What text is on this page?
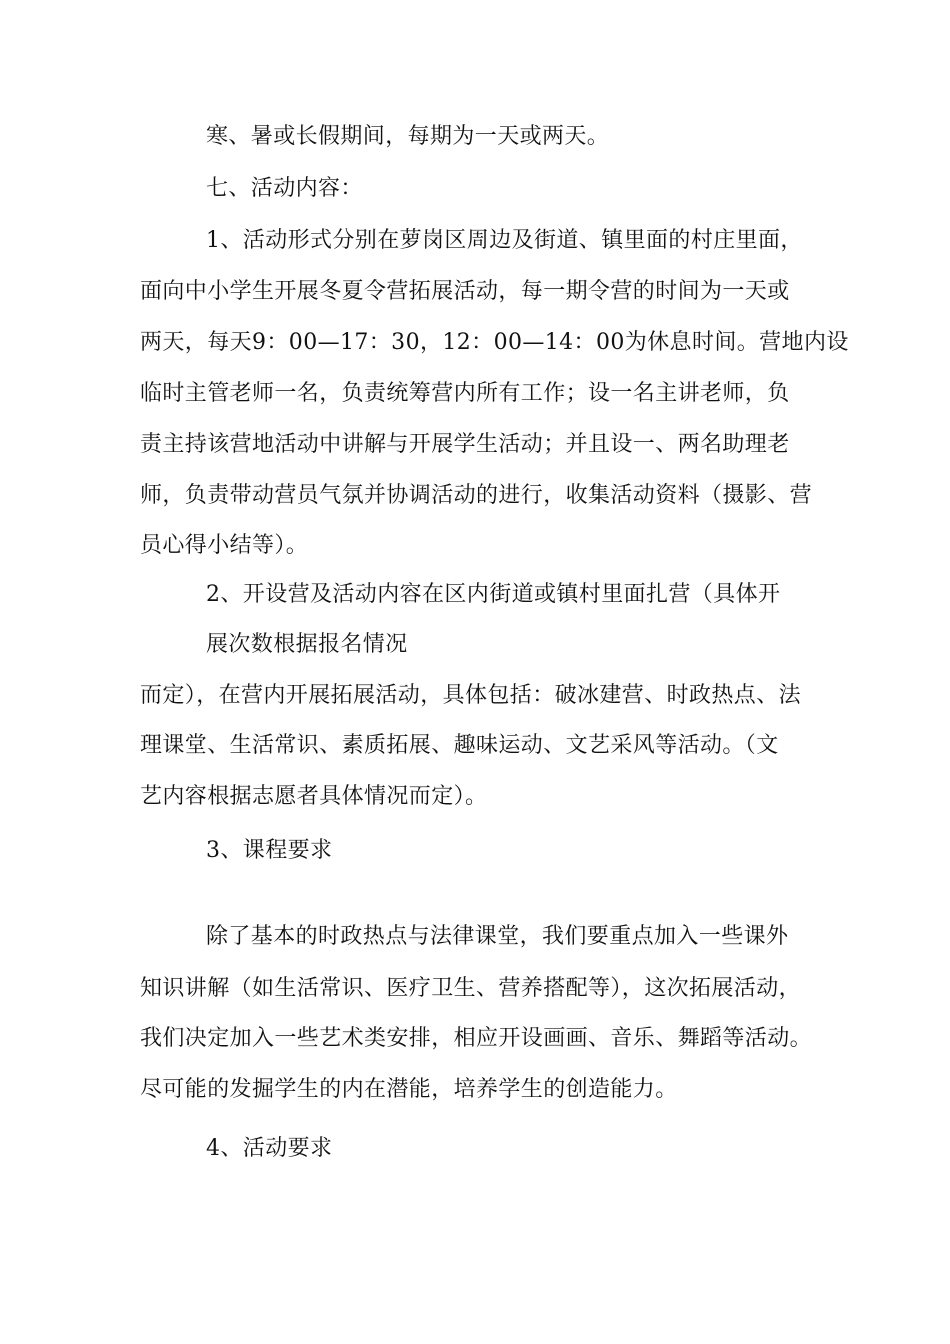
寒、暑或长假期间，每期为一天或两天。
七、活动内容：
1、活动形式分别在萝岗区周边及街道、镇里面的村庄里面，
面向中小学生开展冬夏令营拓展活动，每一期令营的时间为一天或
两天，每天9：00—17：30，12：00—14：00为休息时间。营地内设
临时主管老师一名，负责统筹营内所有工作；设一名主讲老师，负
责主持该营地活动中讲解与开展学生活动；并且设一、两名助理老
师，负责带动营员气氛并协调活动的进行，收集活动资料（摄影、营
员心得小结等）。
2、开设营及活动内容在区内街道或镇村里面扎营（具体开
展次数根据报名情况
而定），在营内开展拓展活动，具体包括：破冰建营、时政热点、法
理课堂、生活常识、素质拓展、趣味运动、文艺采风等活动。（文
艺内容根据志愿者具体情况而定）。
3、课程要求
除了基本的时政热点与法律课堂，我们要重点加入一些课外
知识讲解（如生活常识、医疗卫生、营养搭配等），这次拓展活动，
我们决定加入一些艺术类安排，相应开设画画、音乐、舞蹈等活动。
尽可能的发掘学生的内在潜能，培养学生的创造能力。
4、活动要求
